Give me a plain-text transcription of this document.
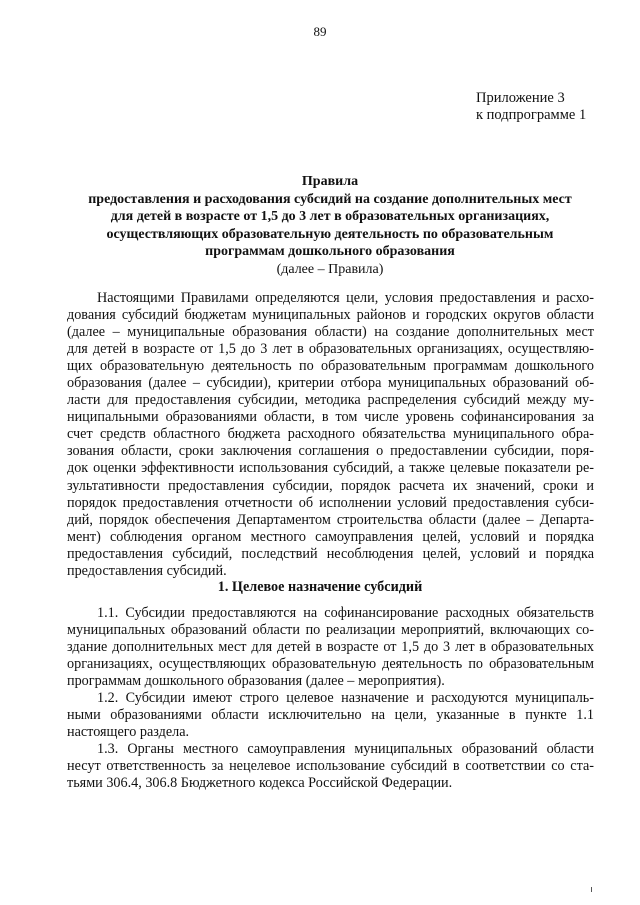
89
Приложение 3
к подпрограмме 1
Правила
предоставления и расходования субсидий на создание дополнительных мест
для детей в возрасте от 1,5 до 3 лет в образовательных организациях,
осуществляющих образовательную деятельность по образовательным
программам дошкольного образования
(далее – Правила)
Настоящими Правилами определяются цели, условия предоставления и расхо-
дования субсидий бюджетам муниципальных районов и городских округов области
(далее – муниципальные образования области) на создание дополнительных мест
для детей в возрасте от 1,5 до 3 лет в образовательных организациях, осуществляю-
щих образовательную деятельность по образовательным программам дошкольного
образования (далее – субсидии), критерии отбора муниципальных образований об-
ласти для предоставления субсидии, методика распределения субсидий между му-
ниципальными образованиями области, в том числе уровень софинансирования за
счет средств областного бюджета расходного обязательства муниципального обра-
зования области, сроки заключения соглашения о предоставлении субсидии, поря-
док оценки эффективности использования субсидий, а также целевые показатели ре-
зультативности предоставления субсидии, порядок расчета их значений, сроки и
порядок предоставления отчетности об исполнении условий предоставления субси-
дий, порядок обеспечения Департаментом строительства области (далее – Департа-
мент) соблюдения органом местного самоуправления целей, условий и порядка
предоставления субсидий, последствий несоблюдения целей, условий и порядка
предоставления субсидий.
1. Целевое назначение субсидий
1.1. Субсидии предоставляются на софинансирование расходных обязательств
муниципальных образований области по реализации мероприятий, включающих со-
здание дополнительных мест для детей в возрасте от 1,5 до 3 лет в образовательных
организациях, осуществляющих образовательную деятельность по образовательным
программам дошкольного образования (далее – мероприятия).
1.2. Субсидии имеют строго целевое назначение и расходуются муниципаль-
ными образованиями области исключительно на цели, указанные в пункте 1.1
настоящего раздела.
1.3. Органы местного самоуправления муниципальных образований области
несут ответственность за нецелевое использование субсидий в соответствии со ста-
тьями 306.4, 306.8 Бюджетного кодекса Российской Федерации.
